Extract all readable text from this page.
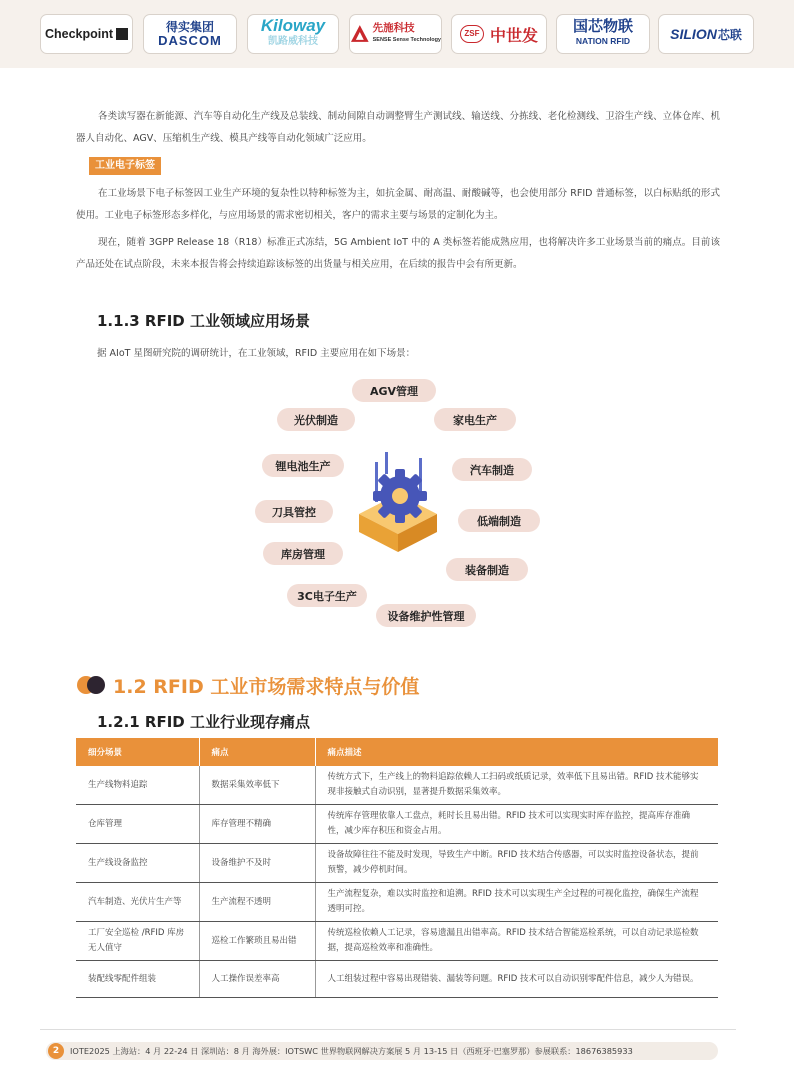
Checkpoint	得实集团
DASCOM
Kiloway
凯路威科技
先施科技
SENSE Sense Technology
ZSF 中世发 国芯物联
NATION RFID	SILION 芯联

各类读写器在新能源、汽车等自动化生产线及总装线、制动间隙自动调整臂生产测试线、输送线、分拣线、老化检测线、卫浴生产线、立体仓库、机器人自动化、AGV、压缩机生产线、模具产线等自动化领域广泛应用。

工业电子标签

在工业场景下电子标签因工业生产环境的复杂性以特种标签为主，如抗金属、耐高温、耐酸碱等，也会使用部分 RFID 普通标签，以白标贴纸的形式使用。工业电子标签形态多样化，与应用场景的需求密切相关，客户的需求主要与场景的定制化为主。

现在，随着 3GPP Release 18（R18）标准正式冻结，5G Ambient IoT 中的 A 类标签若能成熟应用，也将解决许多工业场景当前的痛点。目前该产品还处在试点阶段，未来本报告将会持续追踪该标签的出货量与相关应用，在后续的报告中会有所更新。

1.1.3 RFID 工业领域应用场景
据 AIoT 星图研究院的调研统计，在工业领域，RFID 主要应用在如下场景：
AGV管理
光伏制造	家电生产
锂电池生产	汽车制造
刀具管控
低端制造
库房管理
装备制造
3C电子生产
设备维护性管理
1.2 RFID 工业市场需求特点与价值
1.2.1 RFID 工业行业现存痛点
细分场景	痛点	痛点描述
生产线物料追踪	数据采集效率低下	传统方式下，生产线上的物料追踪依赖人工扫码或纸质记录，效率低下且易出错。RFID 技术能够实现非接触式自动识别，显著提升数据采集效率。
仓库管理	库存管理不精确	传统库存管理依靠人工盘点，耗时长且易出错。RFID 技术可以实现实时库存监控，提高库存准确性，减少库存积压和资金占用。
生产线设备监控	设备维护不及时	设备故障往往不能及时发现，导致生产中断。RFID 技术结合传感器，可以实时监控设备状态，提前预警，减少停机时间。
汽车制造、光伏片生产等	生产流程不透明	生产流程复杂，难以实时监控和追溯。RFID 技术可以实现生产全过程的可视化监控，确保生产流程透明可控。
工厂安全巡检 /RFID 库房无人值守	巡检工作繁琐且易出错	传统巡检依赖人工记录，容易遗漏且出错率高。RFID 技术结合智能巡检系统，可以自动记录巡检数据，提高巡检效率和准确性。
装配线零配件组装	人工操作误差率高	人工组装过程中容易出现错装、漏装等问题。RFID 技术可以自动识别零配件信息，减少人为错误。
2	IOTE2025 上海站：4 月 22-24 日 深圳站：8 月 海外展：IOTSWC 世界物联网解决方案展 5 月 13-15 日（西班牙·巴塞罗那）参展联系：18676385933
